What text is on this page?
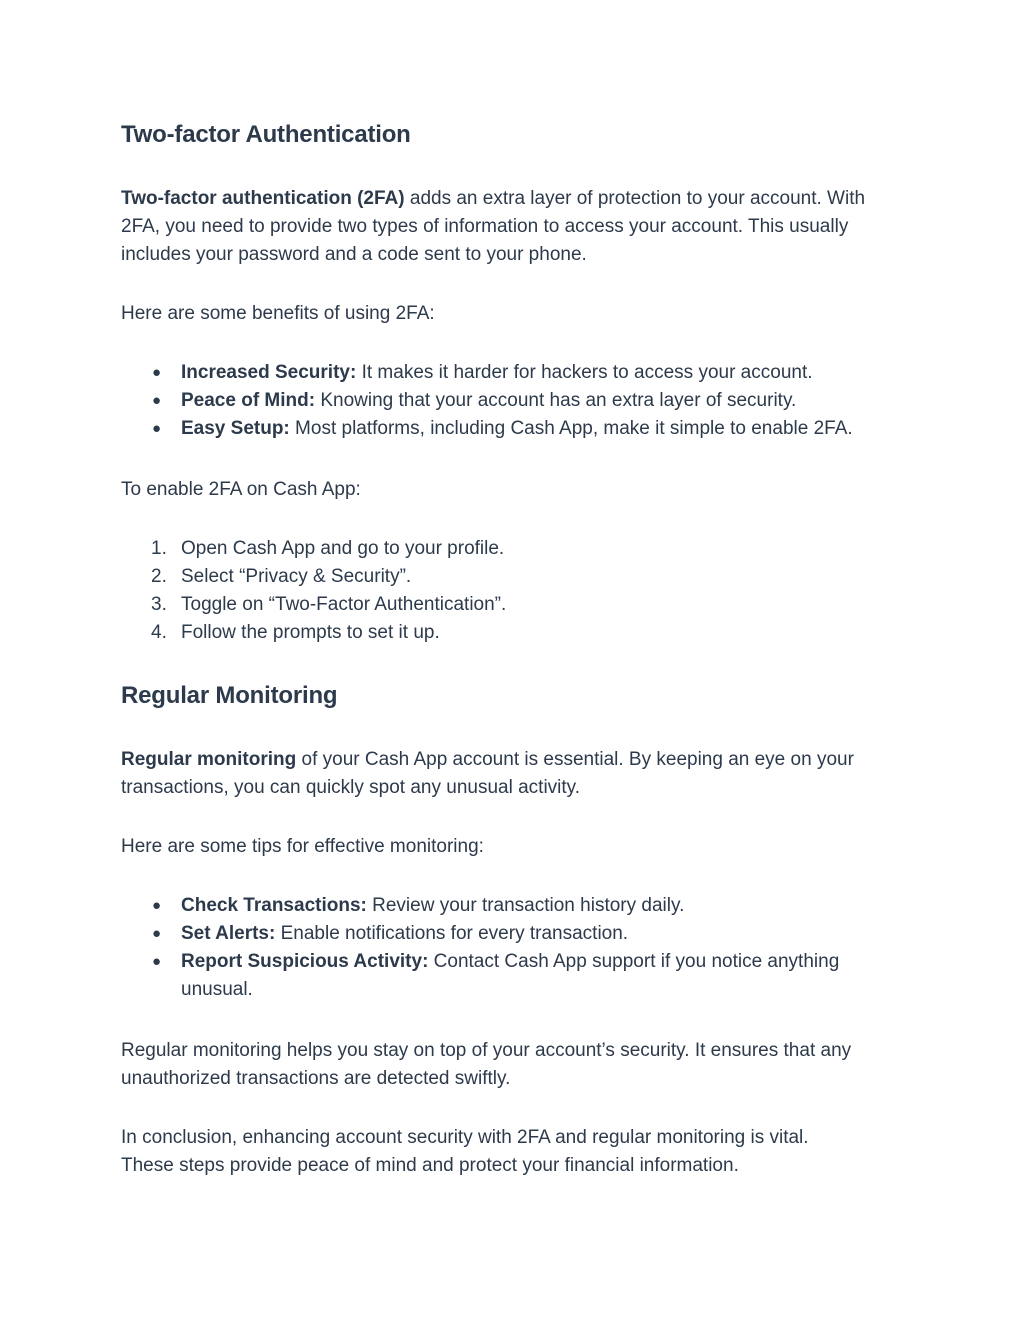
Two-factor Authentication

Two-factor authentication (2FA) adds an extra layer of protection to your account. With

2FA, you need to provide two types of information to access your account. This usually

includes your password and a code sent to your phone.

Here are some benefits of using 2FA:

●	Increased Security: It makes it harder for hackers to access your account.
●	Peace of Mind: Knowing that your account has an extra layer of security.
●	Easy Setup: Most platforms, including Cash App, make it simple to enable 2FA.

To enable 2FA on Cash App:

1. Open Cash App and go to your profile.
2. Select “Privacy & Security”.
3. Toggle on “Two-Factor Authentication”.
4. Follow the prompts to set it up.
Regular Monitoring

Regular monitoring of your Cash App account is essential. By keeping an eye on your

transactions, you can quickly spot any unusual activity.

Here are some tips for effective monitoring:

●	Check Transactions: Review your transaction history daily.
●	Set Alerts: Enable notifications for every transaction.
●	Report Suspicious Activity: Contact Cash App support if you notice anything
unusual.

Regular monitoring helps you stay on top of your account’s security. It ensures that any

unauthorized transactions are detected swiftly.

In conclusion, enhancing account security with 2FA and regular monitoring is vital.

These steps provide peace of mind and protect your financial information.
